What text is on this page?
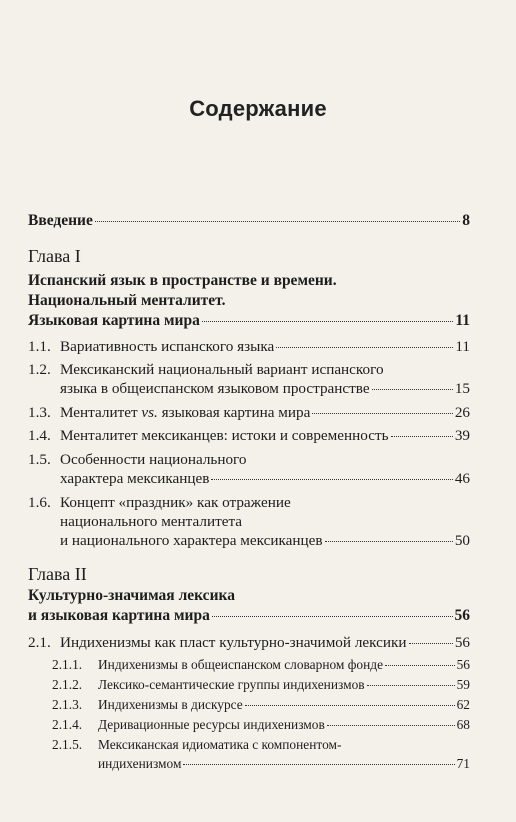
Содержание
Введение	8
Глава I
Испанский язык в пространстве и времени.
Национальный менталитет.
Языковая картина мира	11
1.1. Вариативность испанского языка	11
1.2. Мексиканский национальный вариант испанского
языка в общеиспанском языковом пространстве	15
1.3. Менталитет vs. языковая картина мира	26
1.4. Менталитет мексиканцев: истоки и современность	39
1.5. Особенности национального
характера мексиканцев	46
1.6. Концепт «праздник» как отражение
национального менталитета
и национального характера мексиканцев	50
Глава II
Культурно-значимая лексика
и языковая картина мира	56
2.1. Индихенизмы как пласт культурно-значимой лексики	56
2.1.1. Индихенизмы в общеиспанском словарном фонде	56
2.1.2. Лексико-семантические группы индихенизмов	59
2.1.3. Индихенизмы в дискурсе	62
2.1.4. Деривационные ресурсы индихенизмов	68
2.1.5. Мексиканская идиоматика с компонентом-
индихенизмом	71
